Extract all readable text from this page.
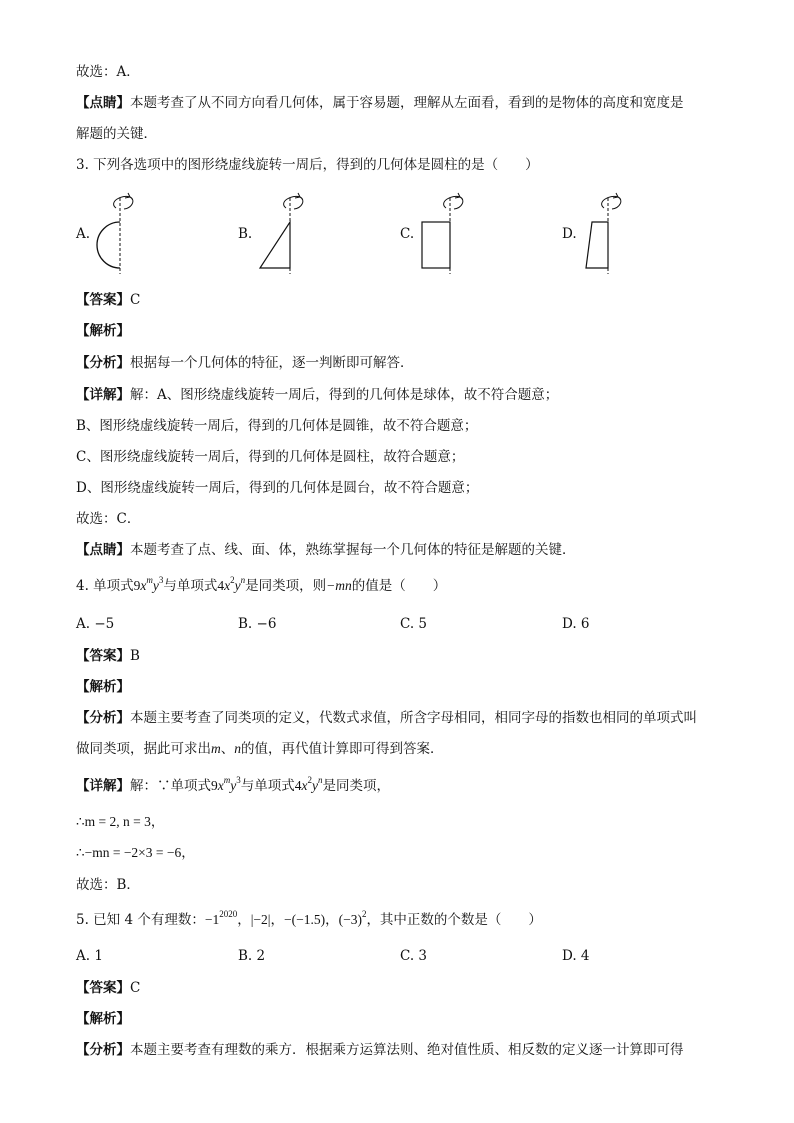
故选：A．
【点睛】本题考查了从不同方向看几何体，属于容易题，理解从左面看，看到的是物体的高度和宽度是
解题的关键．
3. 下列各选项中的图形绕虚线旋转一周后，得到的几何体是圆柱的是（　　）
A.	B.	C.	D.
【答案】C
【解析】
【分析】根据每一个几何体的特征，逐一判断即可解答．
【详解】解：A、图形绕虚线旋转一周后，得到的几何体是球体，故不符合题意；
B、图形绕虚线旋转一周后，得到的几何体是圆锥，故不符合题意；
C、图形绕虚线旋转一周后，得到的几何体是圆柱，故符合题意；
D、图形绕虚线旋转一周后，得到的几何体是圆台，故不符合题意；
故选：C．
【点睛】本题考查了点、线、面、体，熟练掌握每一个几何体的特征是解题的关键．
4. 单项式$9x^my^3$与单项式$4x^2y^n$是同类项，则−mn的值是（　　）
A. −5	B. −6	C. 5	D. 6
【答案】B
【解析】
【分析】本题主要考查了同类项的定义，代数式求值，所含字母相同，相同字母的指数也相同的单项式叫
做同类项，据此可求出m、n的值，再代值计算即可得到答案．
【详解】解：∵单项式$9x^my^3$与单项式$4x^2y^n$是同类项，
∴m = 2, n = 3，
∴−mn = −2×3 = −6，
故选：B．
5. 已知 4 个有理数：$-1^{2020}$，|−2|，−(−1.5)，$(-3)^2$，其中正数的个数是（　　）
A. 1	B. 2	C. 3	D. 4
【答案】C
【解析】
【分析】本题主要考查有理数的乘方．根据乘方运算法则、绝对值性质、相反数的定义逐一计算即可得
